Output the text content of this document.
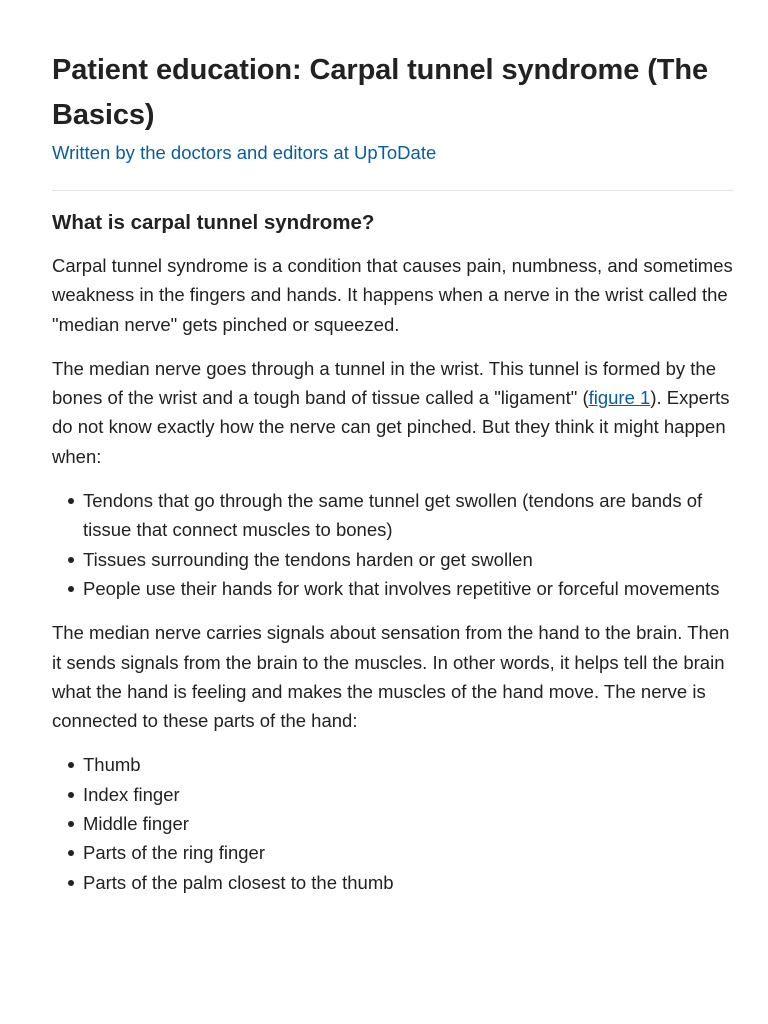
Patient education: Carpal tunnel syndrome (The Basics)
Written by the doctors and editors at UpToDate
What is carpal tunnel syndrome?

Carpal tunnel syndrome is a condition that causes pain, numbness, and sometimes weakness in the fingers and hands. It happens when a nerve in the wrist called the "median nerve" gets pinched or squeezed.

The median nerve goes through a tunnel in the wrist. This tunnel is formed by the bones of the wrist and a tough band of tissue called a "ligament" (figure 1). Experts do not know exactly how the nerve can get pinched. But they think it might happen when:

Tendons that go through the same tunnel get swollen (tendons are bands of tissue that connect muscles to bones)
Tissues surrounding the tendons harden or get swollen
People use their hands for work that involves repetitive or forceful movements

The median nerve carries signals about sensation from the hand to the brain. Then it sends signals from the brain to the muscles. In other words, it helps tell the brain what the hand is feeling and makes the muscles of the hand move. The nerve is connected to these parts of the hand:

Thumb
Index finger
Middle finger
Parts of the ring finger
Parts of the palm closest to the thumb
